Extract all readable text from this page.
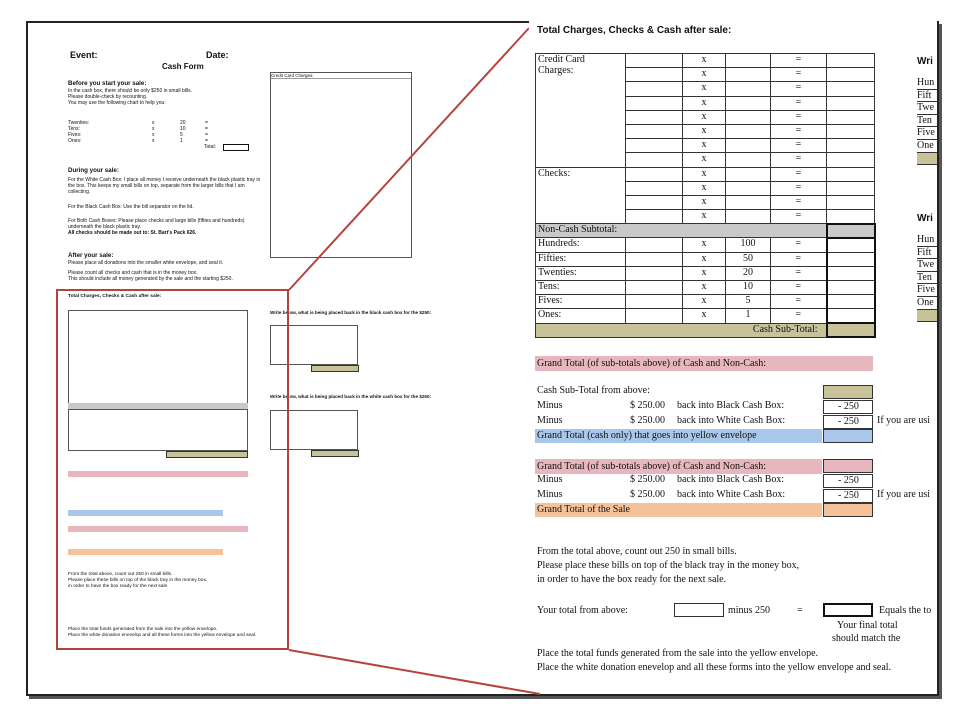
Event:	Date:
Cash Form
Before you start your sale:
In the cash box, there should be only $250 in small bills.
Please double-check by recounting.
You may use the following chart to help you:
Twenties:	x	20	=
Tens:	x	10	=
Fives:	x	5	=
Ones:	x	1	=
Total:
During your sale:
For the White Cash Box: I place all money I receive underneath the black plastic tray in the box. This keeps my small bills on top, separate from the larger bills that I am collecting.
For the Black Cash Box: Use the bill separator on the lid.
For Both Cash Boxes: Please place checks and large bills (fifties and hundreds) underneath the black plastic tray.
All checks should be made out to: St. Bart's Pack 626.
After your sale:
Please place all donations into the smaller white envelope, and seal it.
Please count all checks and cash that is in the money box.
This should include all money generated by the sale and the starting $250.
Credit Card Charges:
Total Charges, Checks & Cash after sale:
From the total above, count out 250 in small bills.
Please place these bills on top of the black tray in the money box,
in order to have the box ready for the next sale.
Place the total funds generated from the sale into the yellow envelope.
Place the white donation enevelop and all these forms into the yellow envelope and seal.
Write below, what is being placed back in the black cash box for the $250:
Write below, what is being placed back in the white cash box for the $250:
Total Charges, Checks & Cash after sale:
Credit Card
Charges:		x		=	
		x		=	
		x		=	
		x		=	
		x		=	
		x		=	
		x		=	
		x		=	
Checks:		x		=	
		x		=	
		x		=	
		x		=	
Non-Cash Subtotal:					
Hundreds:		x	100	=	
Fifties:		x	50	=	
Twenties:		x	20	=	
Tens:		x	10	=	
Fives:		x	5	=	
Ones:		x	1	=	
Cash Sub-Total:					
Grand Total (of sub-totals above) of Cash and Non-Cash:
Cash Sub-Total from above:
Minus	$ 250.00 back into Black Cash Box:	- 250
Minus	$ 250.00 back into White Cash Box:	- 250 If you are usi
Grand Total (cash only) that goes into yellow envelope
Grand Total (of sub-totals above) of Cash and Non-Cash:
Minus	$ 250.00 back into Black Cash Box:	- 250
Minus	$ 250.00 back into White Cash Box:	- 250 If you are usi
Grand Total of the Sale
From the total above, count out 250 in small bills.
Please place these bills on top of the black tray in the money box,
in order to have the box ready for the next sale.
Your total from above:	minus 250	=	Equals the to
Your final total
should match the
Place the total funds generated from the sale into the yellow envelope.
Place the white donation enevelop and all these forms into the yellow envelope and seal.
Wri
Hun
Fift
Twe
Ten
Five
One
Wri
Hun
Fift
Twe
Ten
Five
One
